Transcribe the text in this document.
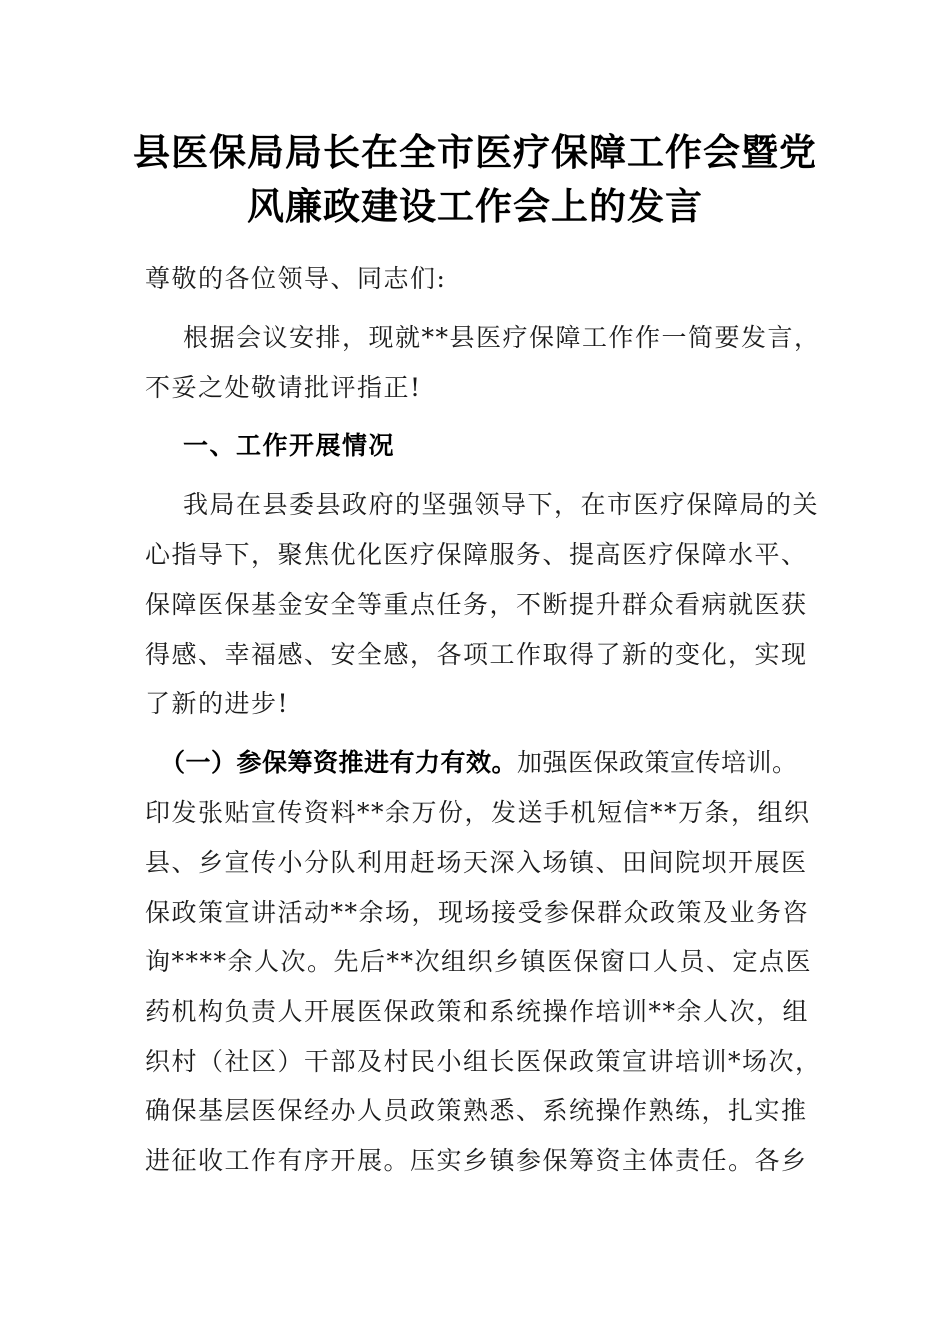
县医保局局长在全市医疗保障工作会暨党
风廉政建设工作会上的发言
尊敬的各位领导、同志们:
根据会议安排，现就**县医疗保障工作作一简要发言，
不妥之处敬请批评指正!
一、工作开展情况
我局在县委县政府的坚强领导下，在市医疗保障局的关
心指导下，聚焦优化医疗保障服务、提高医疗保障水平、
保障医保基金安全等重点任务，不断提升群众看病就医获
得感、幸福感、安全感，各项工作取得了新的变化，实现
了新的进步!
（一）参保筹资推进有力有效。加强医保政策宣传培训。
印发张贴宣传资料**余万份，发送手机短信**万条，组织
县、乡宣传小分队利用赶场天深入场镇、田间院坝开展医
保政策宣讲活动**余场，现场接受参保群众政策及业务咨
询****余人次。先后**次组织乡镇医保窗口人员、定点医
药机构负责人开展医保政策和系统操作培训**余人次，组
织村（社区）干部及村民小组长医保政策宣讲培训*场次，
确保基层医保经办人员政策熟悉、系统操作熟练，扎实推
进征收工作有序开展。压实乡镇参保筹资主体责任。各乡
